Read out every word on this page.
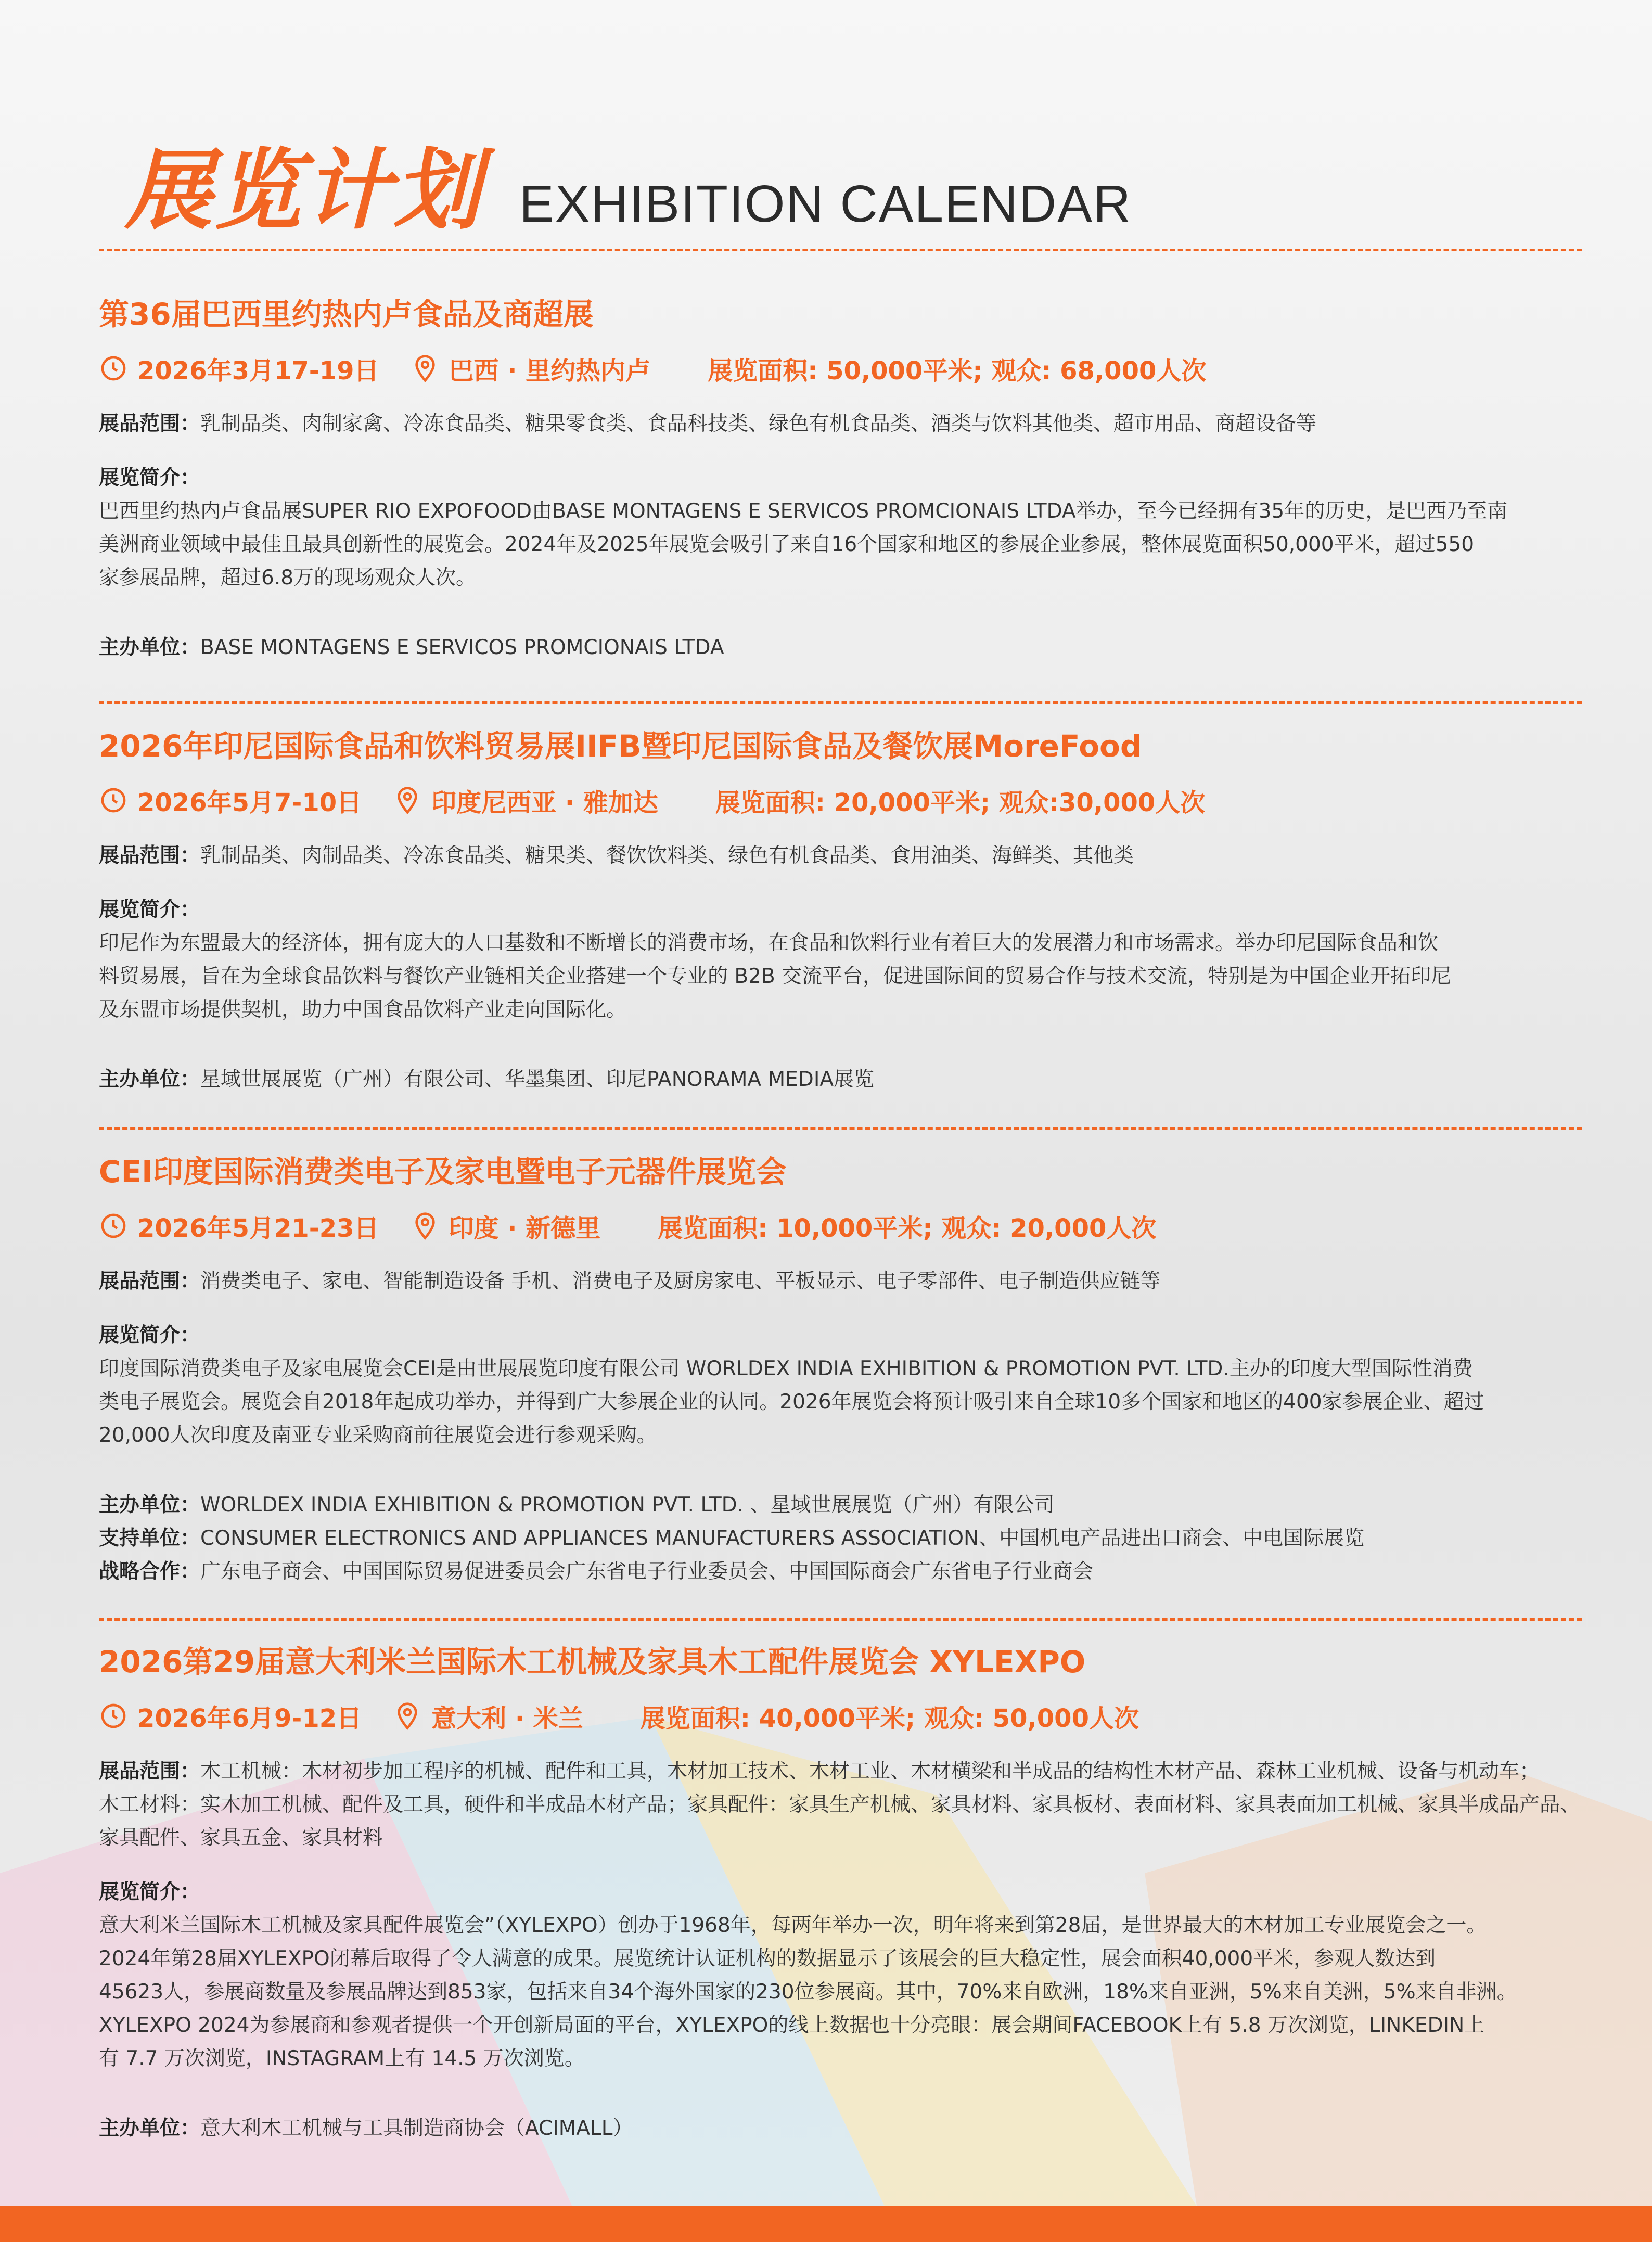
展览计划 EXHIBITION CALENDAR
第36届巴西里约热内卢食品及商超展
2026年3月17-19日	巴西 · 里约热内卢 展览面积: 50,000平米; 观众: 68,000人次
展品范围：乳制品类、肉制家禽、冷冻食品类、糖果零食类、食品科技类、绿色有机食品类、酒类与饮料其他类、超市用品、商超设备等
展览简介：
巴西里约热内卢食品展SUPER RIO EXPOFOOD由BASE MONTAGENS E SERVICOS PROMCIONAIS LTDA举办，至今已经拥有35年的历史，是巴西乃至南
美洲商业领域中最佳且最具创新性的展览会。2024年及2025年展览会吸引了来自16个国家和地区的参展企业参展，整体展览面积50,000平米，超过550
家参展品牌，超过6.8万的现场观众人次。
主办单位：BASE MONTAGENS E SERVICOS PROMCIONAIS LTDA
2026年印尼国际食品和饮料贸易展IIFB暨印尼国际食品及餐饮展MoreFood
2026年5月7-10日	印度尼西亚 · 雅加达 展览面积: 20,000平米; 观众:30,000人次
展品范围：乳制品类、肉制品类、冷冻食品类、糖果类、餐饮饮料类、绿色有机食品类、食用油类、海鲜类、其他类
展览简介：
印尼作为东盟最大的经济体，拥有庞大的人口基数和不断增长的消费市场，在食品和饮料行业有着巨大的发展潜力和市场需求。举办印尼国际食品和饮
料贸易展，旨在为全球食品饮料与餐饮产业链相关企业搭建一个专业的 B2B 交流平台，促进国际间的贸易合作与技术交流，特别是为中国企业开拓印尼
及东盟市场提供契机，助力中国食品饮料产业走向国际化。
主办单位：星域世展展览（广州）有限公司、华墨集团、印尼PANORAMA MEDIA展览
CEI印度国际消费类电子及家电暨电子元器件展览会
2026年5月21-23日	印度 · 新德里 展览面积: 10,000平米; 观众: 20,000人次
展品范围：消费类电子、家电、智能制造设备 手机、消费电子及厨房家电、平板显示、电子零部件、电子制造供应链等
展览简介：
印度国际消费类电子及家电展览会CEI是由世展展览印度有限公司 WORLDEX INDIA EXHIBITION & PROMOTION PVT. LTD.主办的印度大型国际性消费
类电子展览会。展览会自2018年起成功举办，并得到广大参展企业的认同。2026年展览会将预计吸引来自全球10多个国家和地区的400家参展企业、超过
20,000人次印度及南亚专业采购商前往展览会进行参观采购。
主办单位：WORLDEX INDIA EXHIBITION & PROMOTION PVT. LTD. 、星域世展展览（广州）有限公司
支持单位：CONSUMER ELECTRONICS AND APPLIANCES MANUFACTURERS ASSOCIATION、中国机电产品进出口商会、中电国际展览
战略合作：广东电子商会、中国国际贸易促进委员会广东省电子行业委员会、中国国际商会广东省电子行业商会
2026第29届意大利米兰国际木工机械及家具木工配件展览会 XYLEXPO
2026年6月9-12日	意大利 · 米兰 展览面积: 40,000平米; 观众: 50,000人次
展品范围：木工机械：木材初步加工程序的机械、配件和工具，木材加工技术、木材工业、木材横梁和半成品的结构性木材产品、森林工业机械、设备与机动车；
木工材料：实木加工机械、配件及工具，硬件和半成品木材产品；家具配件：家具生产机械、家具材料、家具板材、表面材料、家具表面加工机械、家具半成品产品、
家具配件、家具五金、家具材料
展览简介：
意大利米兰国际木工机械及家具配件展览会”（XYLEXPO）创办于1968年，每两年举办一次，明年将来到第28届，是世界最大的木材加工专业展览会之一。
2024年第28届XYLEXPO闭幕后取得了令人满意的成果。展览统计认证机构的数据显示了该展会的巨大稳定性，展会面积40,000平米，参观人数达到
45623人，参展商数量及参展品牌达到853家，包括来自34个海外国家的230位参展商。其中，70%来自欧洲，18%来自亚洲，5%来自美洲，5%来自非洲。
XYLEXPO 2024为参展商和参观者提供一个开创新局面的平台，XYLEXPO的线上数据也十分亮眼：展会期间FACEBOOK上有 5.8 万次浏览，LINKEDIN上
有 7.7 万次浏览，INSTAGRAM上有 14.5 万次浏览。
主办单位：意大利木工机械与工具制造商协会（ACIMALL）
